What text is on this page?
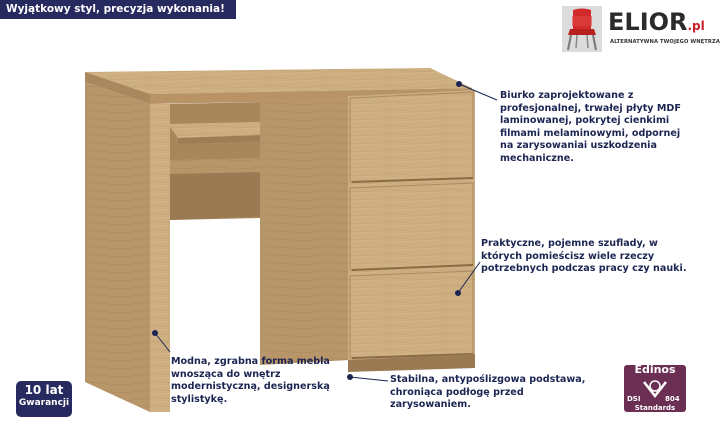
Wyjątkowy styl, precyzja wykonania!	ELIOR.pl
ALTERNATYWNA TWOJEGO WNĘTRZA
Biurko zaprojektowane z profesjonalnej, trwałej płyty MDF laminowanej, pokrytej cienkimi filmami melaminowymi, odpornej na zarysowaniai uszkodzenia mechaniczne.
Praktyczne, pojemne szuflady, w których pomieścisz wiele rzeczy potrzebnych podczas pracy czy nauki.
Modna, zgrabna forma mebla wnosząca do wnętrz modernistyczną, designerską stylistykę.
Stabilna, antypoślizgowa podstawa, chroniąca podłogę przed zarysowaniem.
10 lat
Gwarancji
Edinos
DSI	804
Standards
